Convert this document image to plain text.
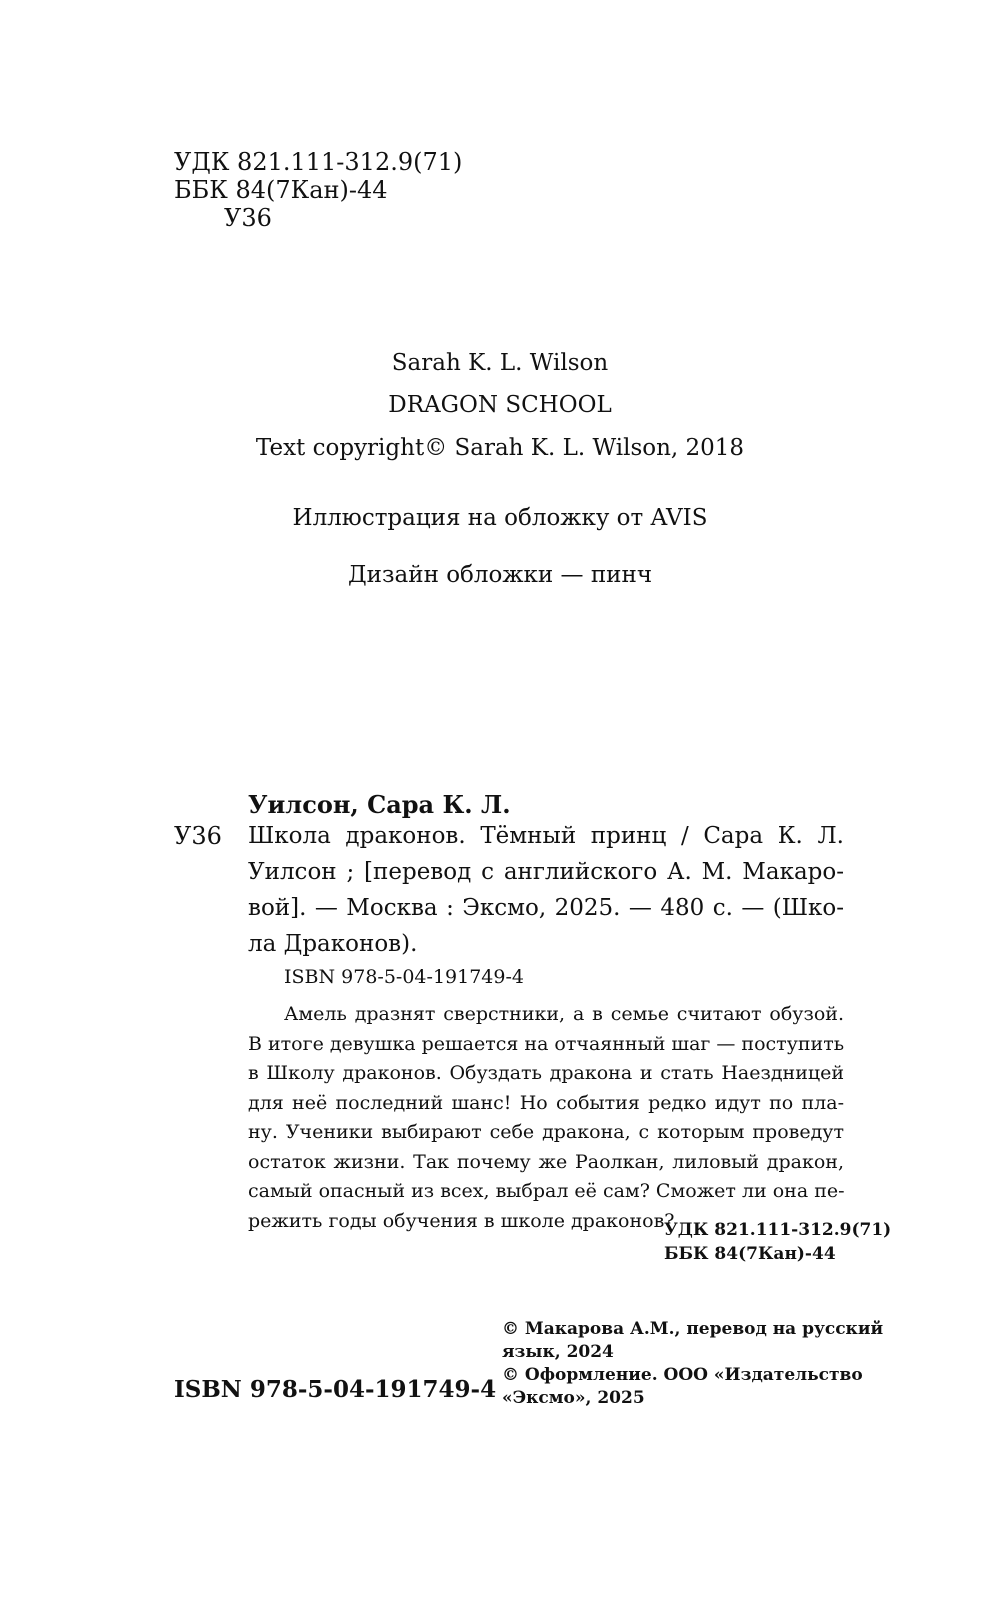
УДК 821.111-312.9(71)
ББК 84(7Кан)-44
У36
Sarah K. L. Wilson
DRAGON SCHOOL
Text copyright© Sarah K. L. Wilson, 2018
Иллюстрация на обложку от AVIS
Дизайн обложки — пинч
Уилсон, Сара К. Л.
У36 Школа драконов. Тёмный принц / Сара К. Л.
Уилсон ; [перевод с английского А. М. Макаро-
вой]. — Москва : Эксмо, 2025. — 480 с. — (Шко-
ла Драконов).
ISBN 978-5-04-191749-4
Амель дразнят сверстники, а в семье считают обузой.
В итоге девушка решается на отчаянный шаг — поступить
в Школу драконов. Обуздать дракона и стать Наездницей
для неё последний шанс! Но события редко идут по пла-
ну. Ученики выбирают себе дракона, с которым проведут
остаток жизни. Так почему же Раолкан, лиловый дракон,
самый опасный из всех, выбрал её сам? Сможет ли она пе-
режить годы обучения в школе драконов?
УДК 821.111-312.9(71)
ББК 84(7Кан)-44
© Макарова А.М., перевод на русский
язык, 2024
© Оформление. ООО «Издательство
«Эксмо», 2025
ISBN 978-5-04-191749-4
